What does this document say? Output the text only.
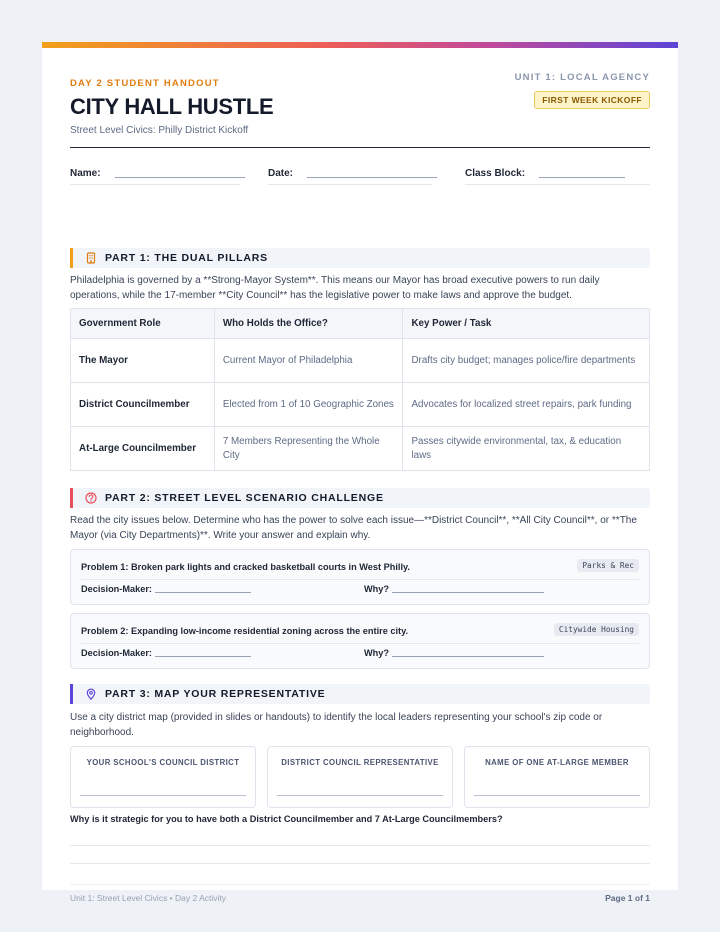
DAY 2 STUDENT HANDOUT
CITY HALL HUSTLE
Street Level Civics: Philly District Kickoff
UNIT 1: LOCAL AGENCY
FIRST WEEK KICKOFF
Name:	Date:	Class Block:
PART 1: THE DUAL PILLARS
Philadelphia is governed by a **Strong-Mayor System**. This means our Mayor has broad executive powers to run daily operations, while the 17-member **City Council** has the legislative power to make laws and approve the budget.
Government Role	Who Holds the Office?	Key Power / Task
The Mayor	Current Mayor of Philadelphia	Drafts city budget; manages police/fire departments
District Councilmember	Elected from 1 of 10 Geographic Zones	Advocates for localized street repairs, park funding
At-Large Councilmember	7 Members Representing the Whole City	Passes citywide environmental, tax, & education laws
PART 2: STREET LEVEL SCENARIO CHALLENGE
Read the city issues below. Determine who has the power to solve each issue—**District Council**, **All City Council**, or **The Mayor (via City Departments)**. Write your answer and explain why.
Problem 1: Broken park lights and cracked basketball courts in West Philly.	Parks & Rec
Decision-Maker:	Why?
Problem 2: Expanding low-income residential zoning across the entire city.	Citywide Housing
Decision-Maker:	Why?
PART 3: MAP YOUR REPRESENTATIVE
Use a city district map (provided in slides or handouts) to identify the local leaders representing your school's zip code or neighborhood.
YOUR SCHOOL'S COUNCIL DISTRICT	DISTRICT COUNCIL REPRESENTATIVE	NAME OF ONE AT-LARGE MEMBER
Why is it strategic for you to have both a District Councilmember and 7 At-Large Councilmembers?
Unit 1: Street Level Civics • Day 2 Activity	Page 1 of 1
